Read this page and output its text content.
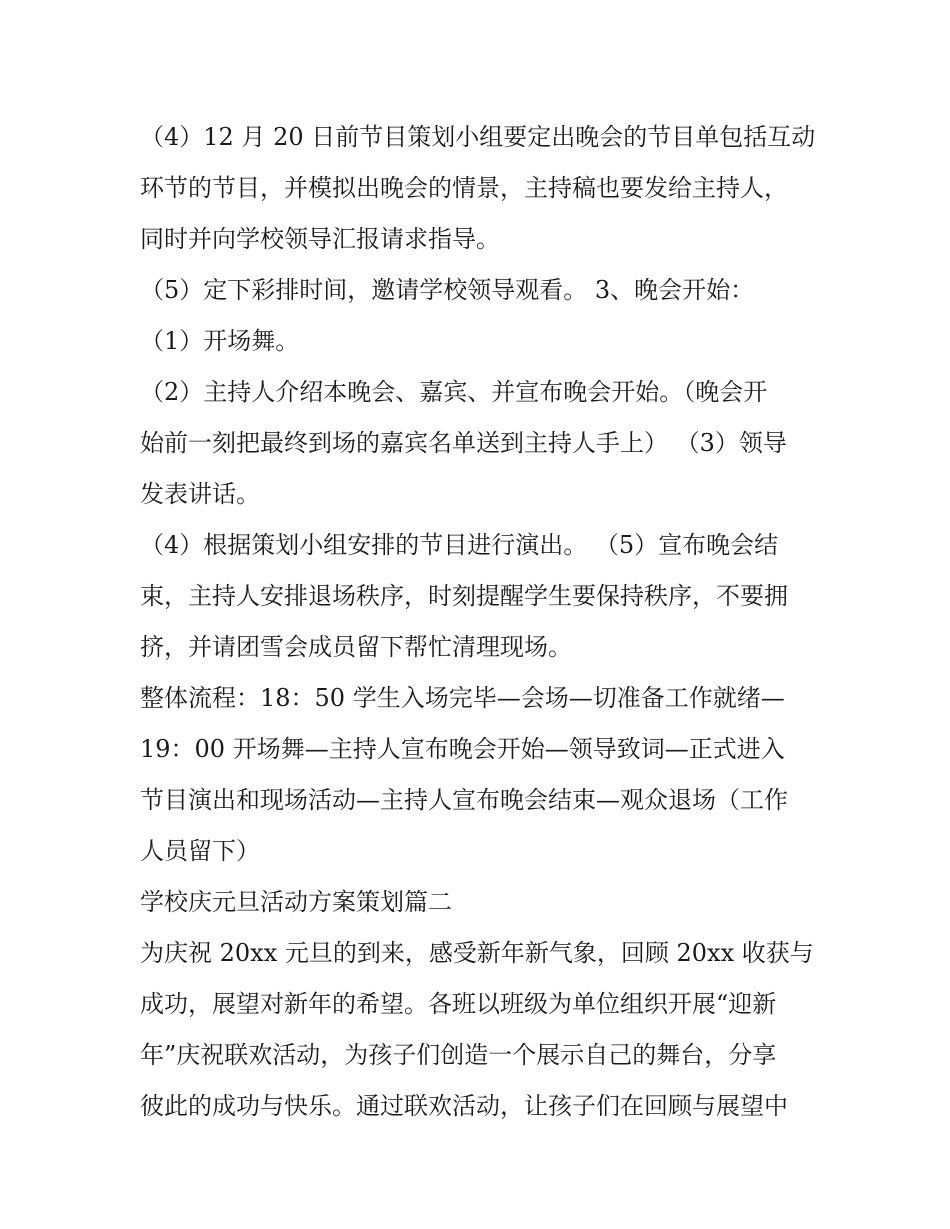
（4）12 月 20 日前节目策划小组要定出晚会的节目单包括互动
环节的节目，并模拟出晚会的情景，主持稿也要发给主持人，
同时并向学校领导汇报请求指导。
（5）定下彩排时间，邀请学校领导观看。 3、晚会开始：
（1）开场舞。
（2）主持人介绍本晚会、嘉宾、并宣布晚会开始。（晚会开
始前一刻把最终到场的嘉宾名单送到主持人手上） （3）领导
发表讲话。
（4）根据策划小组安排的节目进行演出。 （5）宣布晚会结
束，主持人安排退场秩序，时刻提醒学生要保持秩序，不要拥
挤，并请团雪会成员留下帮忙清理现场。
整体流程：18：50 学生入场完毕—会场—切准备工作就绪—
19：00 开场舞—主持人宣布晚会开始—领导致词—正式进入
节目演出和现场活动—主持人宣布晚会结束—观众退场（工作
人员留下）
学校庆元旦活动方案策划篇二
为庆祝 20xx 元旦的到来，感受新年新气象，回顾 20xx 收获与
成功，展望对新年的希望。各班以班级为单位组织开展“迎新
年”庆祝联欢活动，为孩子们创造一个展示自己的舞台，分享
彼此的成功与快乐。通过联欢活动，让孩子们在回顾与展望中
